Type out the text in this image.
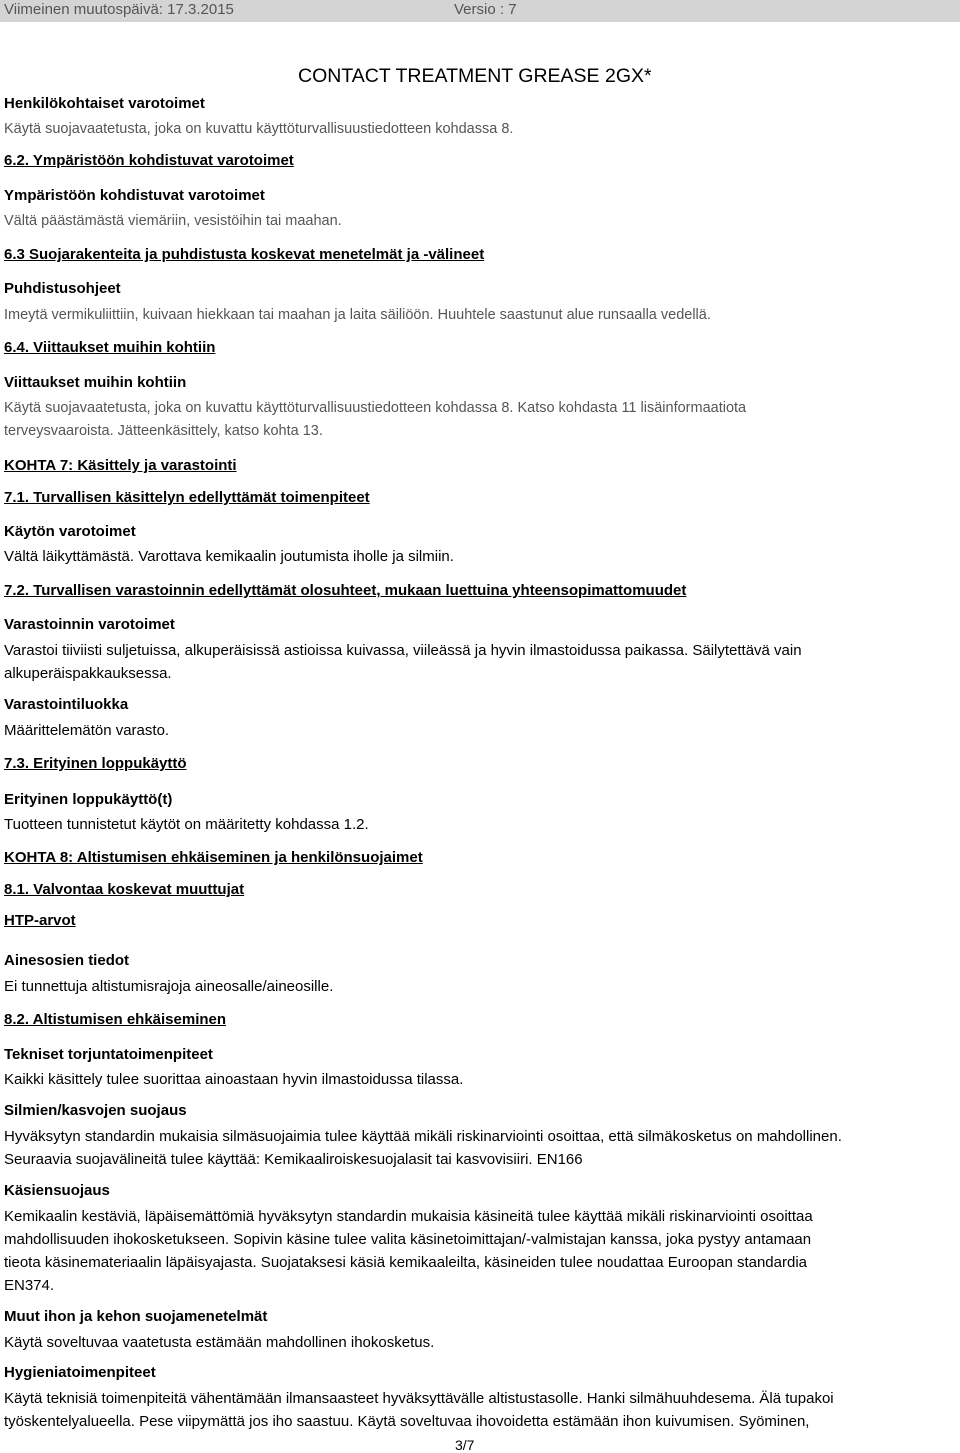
Viimeinen muutospäivä: 17.3.2015	Versio : 7
CONTACT TREATMENT GREASE 2GX*
Henkilökohtaiset varotoimet
Käytä suojavaatetusta, joka on kuvattu käyttöturvallisuustiedotteen kohdassa 8.
6.2. Ympäristöön kohdistuvat varotoimet
Ympäristöön kohdistuvat varotoimet
Vältä päästämästä viemäriin, vesistöihin tai maahan.
6.3 Suojarakenteita ja puhdistusta koskevat menetelmät ja -välineet
Puhdistusohjeet
Imeytä vermikuliittiin, kuivaan hiekkaan tai maahan ja laita säiliöön. Huuhtele saastunut alue runsaalla vedellä.
6.4. Viittaukset muihin kohtiin
Viittaukset muihin kohtiin
Käytä suojavaatetusta, joka on kuvattu käyttöturvallisuustiedotteen kohdassa 8. Katso kohdasta 11 lisäinformaatiota
terveysvaaroista. Jätteenkäsittely, katso kohta 13.
KOHTA 7: Käsittely ja varastointi
7.1. Turvallisen käsittelyn edellyttämät toimenpiteet
Käytön varotoimet
Vältä läikyttämästä. Varottava kemikaalin joutumista iholle ja silmiin.
7.2. Turvallisen varastoinnin edellyttämät olosuhteet, mukaan luettuina yhteensopimattomuudet
Varastoinnin varotoimet
Varastoi tiiviisti suljetuissa, alkuperäisissä astioissa kuivassa, viileässä ja hyvin ilmastoidussa paikassa. Säilytettävä vain
alkuperäispakkauksessa.
Varastointiluokka
Määrittelemätön varasto.
7.3. Erityinen loppukäyttö
Erityinen loppukäyttö(t)
Tuotteen tunnistetut käytöt on määritetty kohdassa 1.2.
KOHTA 8: Altistumisen ehkäiseminen ja henkilönsuojaimet
8.1. Valvontaa koskevat muuttujat
HTP-arvot
Ainesosien tiedot
Ei tunnettuja altistumisrajoja aineosalle/aineosille.
8.2. Altistumisen ehkäiseminen
Tekniset torjuntatoimenpiteet
Kaikki käsittely tulee suorittaa ainoastaan hyvin ilmastoidussa tilassa.
Silmien/kasvojen suojaus
Hyväksytyn standardin mukaisia silmäsuojaimia tulee käyttää mikäli riskinarviointi osoittaa, että silmäkosketus on mahdollinen.
Seuraavia suojavälineitä tulee käyttää: Kemikaaliroiskesuojalasit tai kasvovisiiri. EN166
Käsiensuojaus
Kemikaalin kestäviä, läpäisemättömiä hyväksytyn standardin mukaisia käsineitä tulee käyttää mikäli riskinarviointi osoittaa
mahdollisuuden ihokosketukseen. Sopivin käsine tulee valita käsinetoimittajan/-valmistajan kanssa, joka pystyy antamaan
tieota käsinemateriaalin läpäisyajasta. Suojataksesi käsiä kemikaaleilta, käsineiden tulee noudattaa Euroopan standardia
EN374.
Muut ihon ja kehon suojamenetelmät
Käytä soveltuvaa vaatetusta estämään mahdollinen ihokosketus.
Hygieniatoimenpiteet
Käytä teknisiä toimenpiteitä vähentämään ilmansaasteet hyväksyttävälle altistustasolle. Hanki silmähuuhdesema. Älä tupakoi
työskentelyalueella. Pese viipymättä jos iho saastuu. Käytä soveltuvaa ihovoidetta estämään ihon kuivumisen. Syöminen,
3/7
